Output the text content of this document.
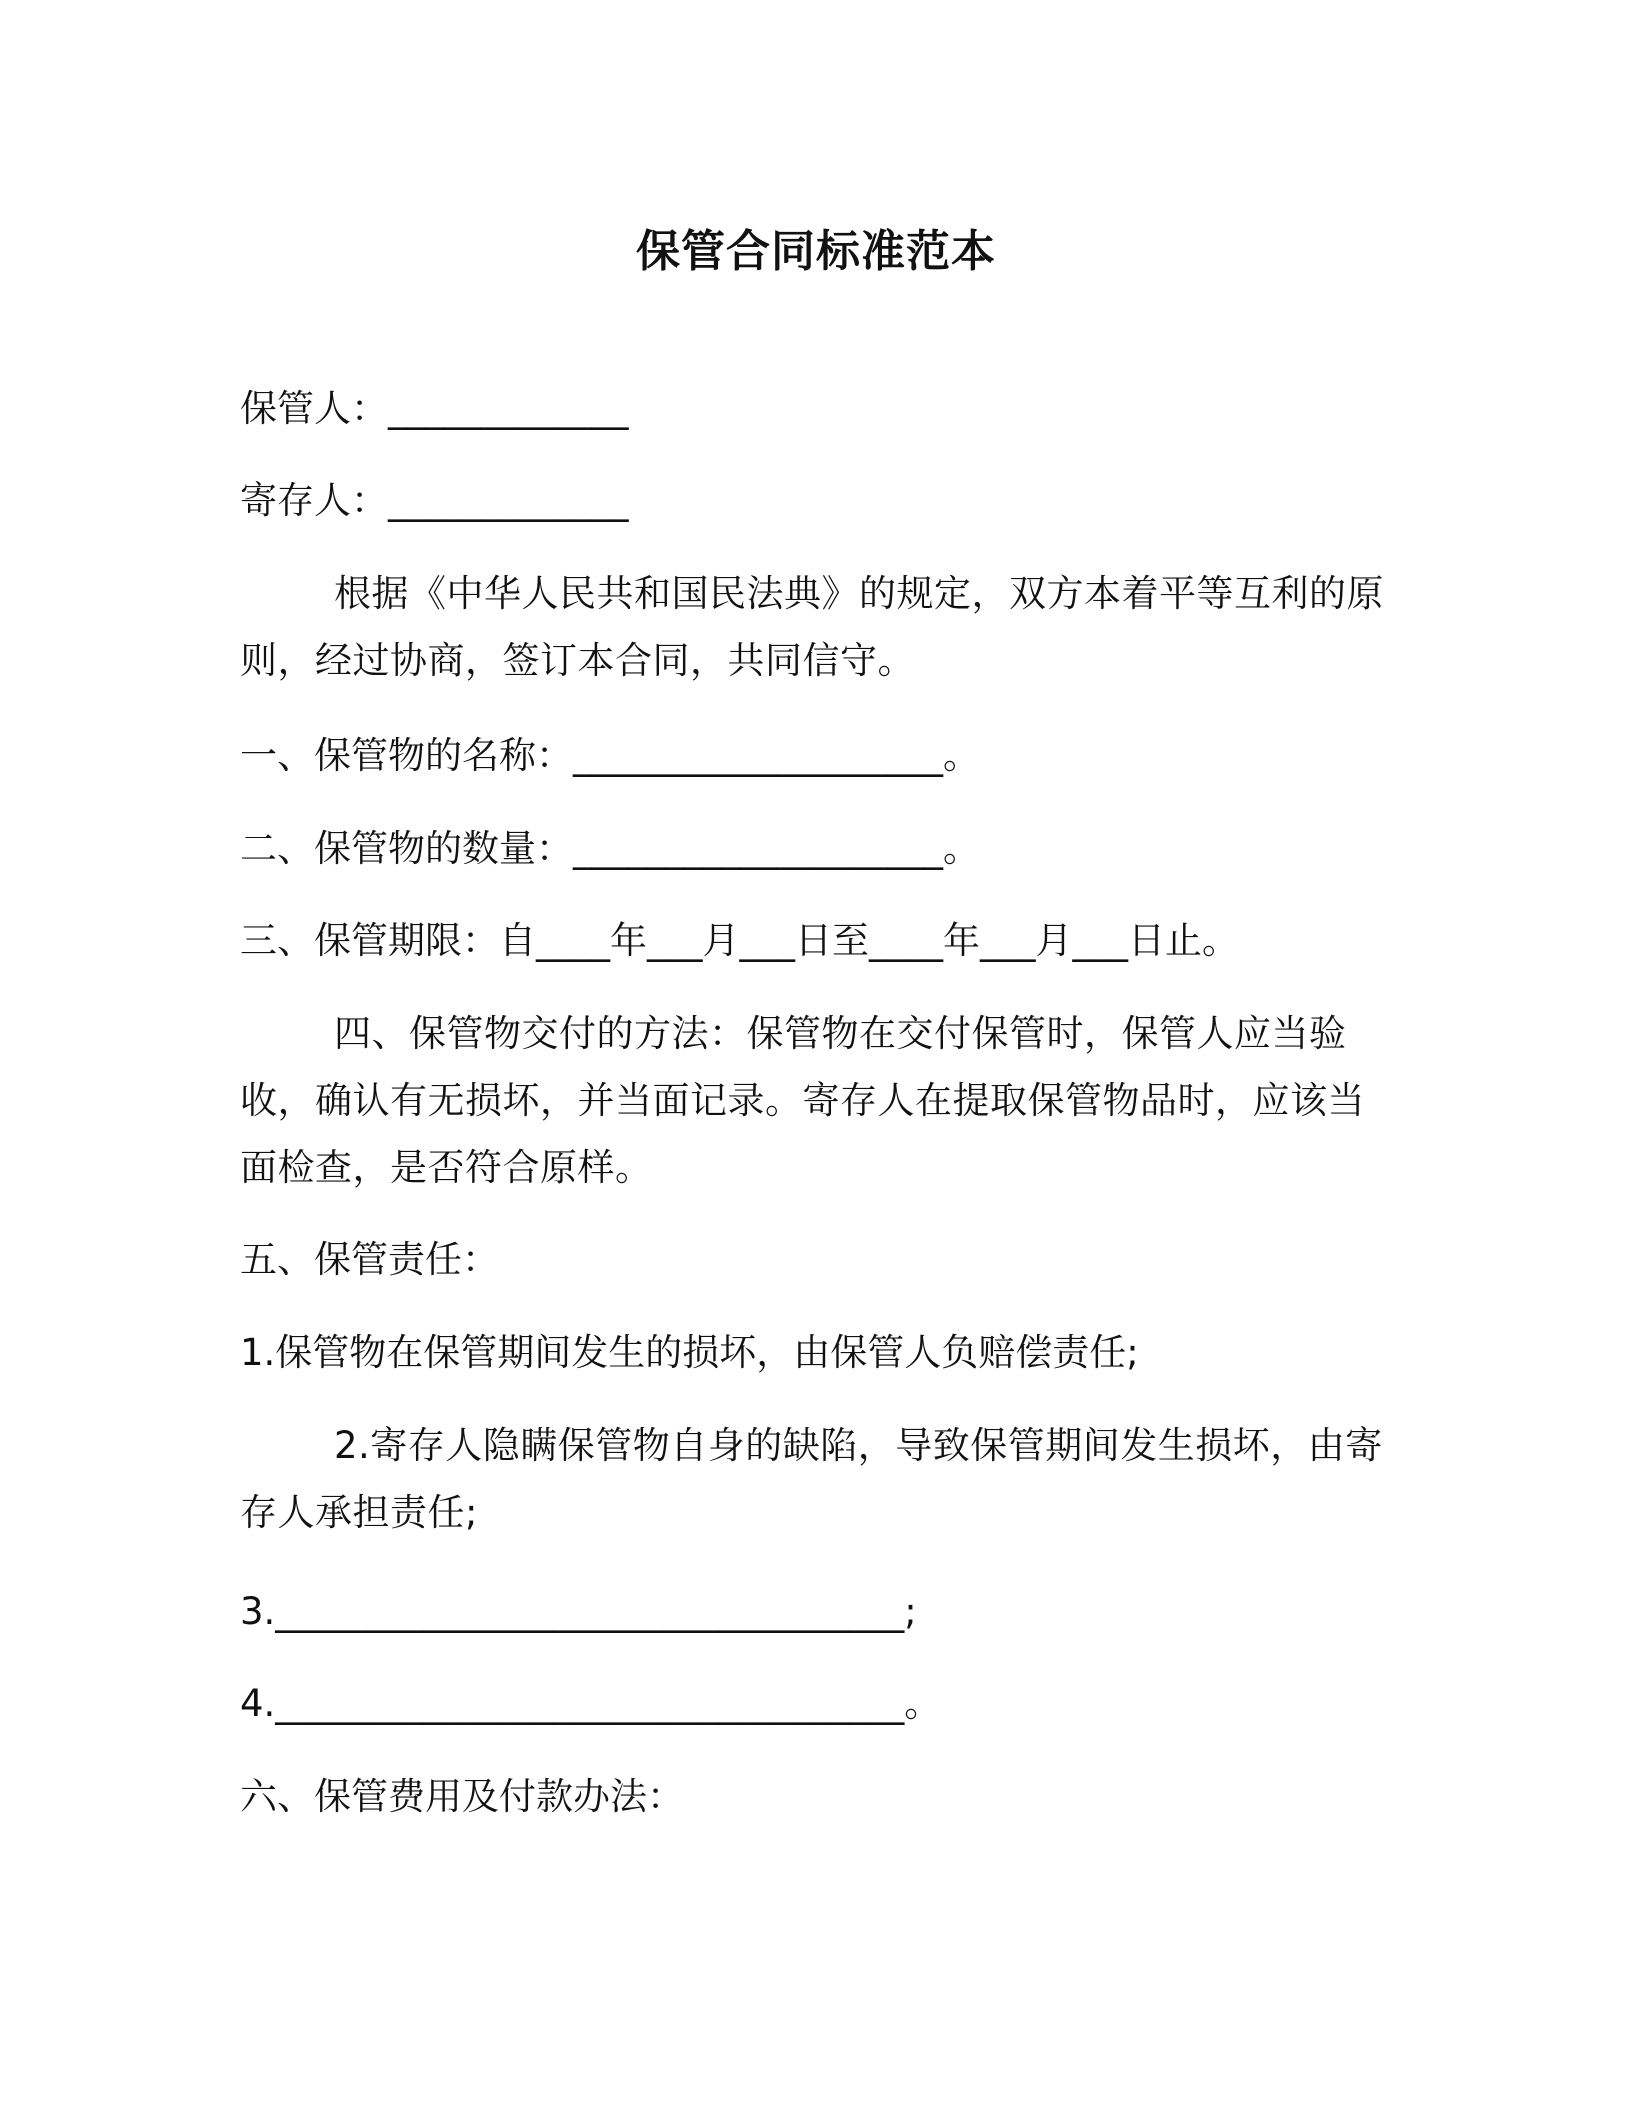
保管合同标准范本
保管人：_____________
寄存人：_____________
根据《中华人民共和国民法典》的规定，双方本着平等互利的原则，经过协商，签订本合同，共同信守。
一、保管物的名称：____________________。
二、保管物的数量：____________________。
三、保管期限：自____年___月___日至____年___月___日止。
四、保管物交付的方法：保管物在交付保管时，保管人应当验收，确认有无损坏，并当面记录。寄存人在提取保管物品时，应该当面检查，是否符合原样。
五、保管责任：
1.保管物在保管期间发生的损坏，由保管人负赔偿责任;
2.寄存人隐瞒保管物自身的缺陷，导致保管期间发生损坏，由寄存人承担责任;
3.__________________________________;
4.__________________________________。
六、保管费用及付款办法：
